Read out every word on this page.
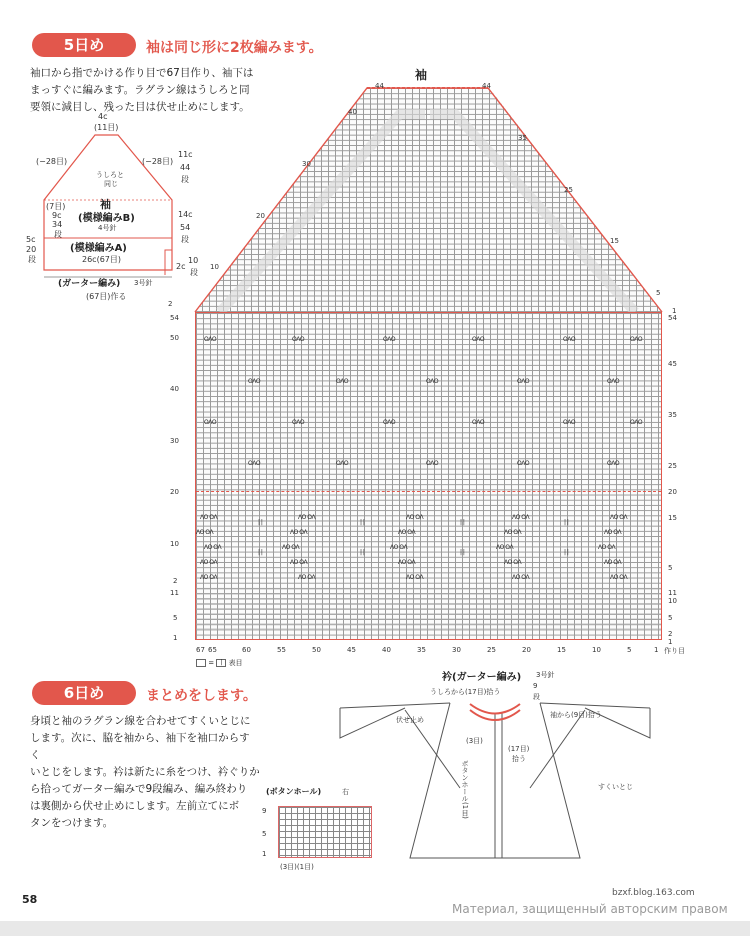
5日め	袖は同じ形に2枚編みます。
袖口から指でかける作り目で67目作り、袖下は
まっすぐに編みます。ラグラン線はうしろと同
要領に減目し、残った目は伏せ止めにします。
4c
(11目)
(−28目)	(−28目)
うしろと
同じ
袖
(模様編みB)
4号針
(7目)
9c
34
段
(模様編みA)
26c(67目)
5c
20
段
(ガーター編み) 3号針
(67目)作る
11c
44
段
14c
54
段
2c
10
段
袖
44	44
40
30
20
10
2
35
25
15
5
1
54
50
40
30
20
10
2
11
5
1
54
45
35
25
20
15
5
11
10
5
2
1
67 65	60	55	50	45	40	35	30	25	20	15	10	5	1 作り目
= | 表目
OΛO	OΛO	OΛO	OΛO	OΛO	OΛO
OΛO	OΛO	OΛO	OΛO	OΛO
OΛO	OΛO	OΛO	OΛO	OΛO	OΛO
OΛO	OΛO	OΛO	OΛO	OΛO
ΛO OΛ
ΛO OΛ
ΛO OΛ
ΛO OΛ
ΛO OΛ
ΛO OΛ
ΛO OΛ
ΛO OΛ
ΛO OΛ
ΛO OΛ
ΛO OΛ
ΛO OΛ
ΛO OΛ
ΛO OΛ
ΛO OΛ
ΛO OΛ
ΛO OΛ
ΛO OΛ
ΛO OΛ
ΛO OΛ
ΛO OΛ
ΛO OΛ
ΛO OΛ
ΛO OΛ
ΛO OΛ
| |
| |
| |
| |
| |
| |
| |
| |
6日め	まとめをします。
身頃と袖のラグラン線を合わせてすくいとじに
します。次に、脇を袖から、袖下を袖口からすく
いとじをします。衿は新たに糸をつけ、衿ぐりか
ら拾ってガーター編みで9段編み、編み終わり
は裏側から伏せ止めにします。左前立てにボ
タンをつけます。
衿(ガーター編み) 3号針
うしろから(17目)拾う
伏せ止め
袖から(9目)拾う
9
段
(3目)
(17目)
拾う
ボタンホール(1目)	すくいとじ
(ボタンホール)	右
9
5
1
(3目)(1目)
58	bzxf.blog.163.com
Материал, защищенный авторским правом
